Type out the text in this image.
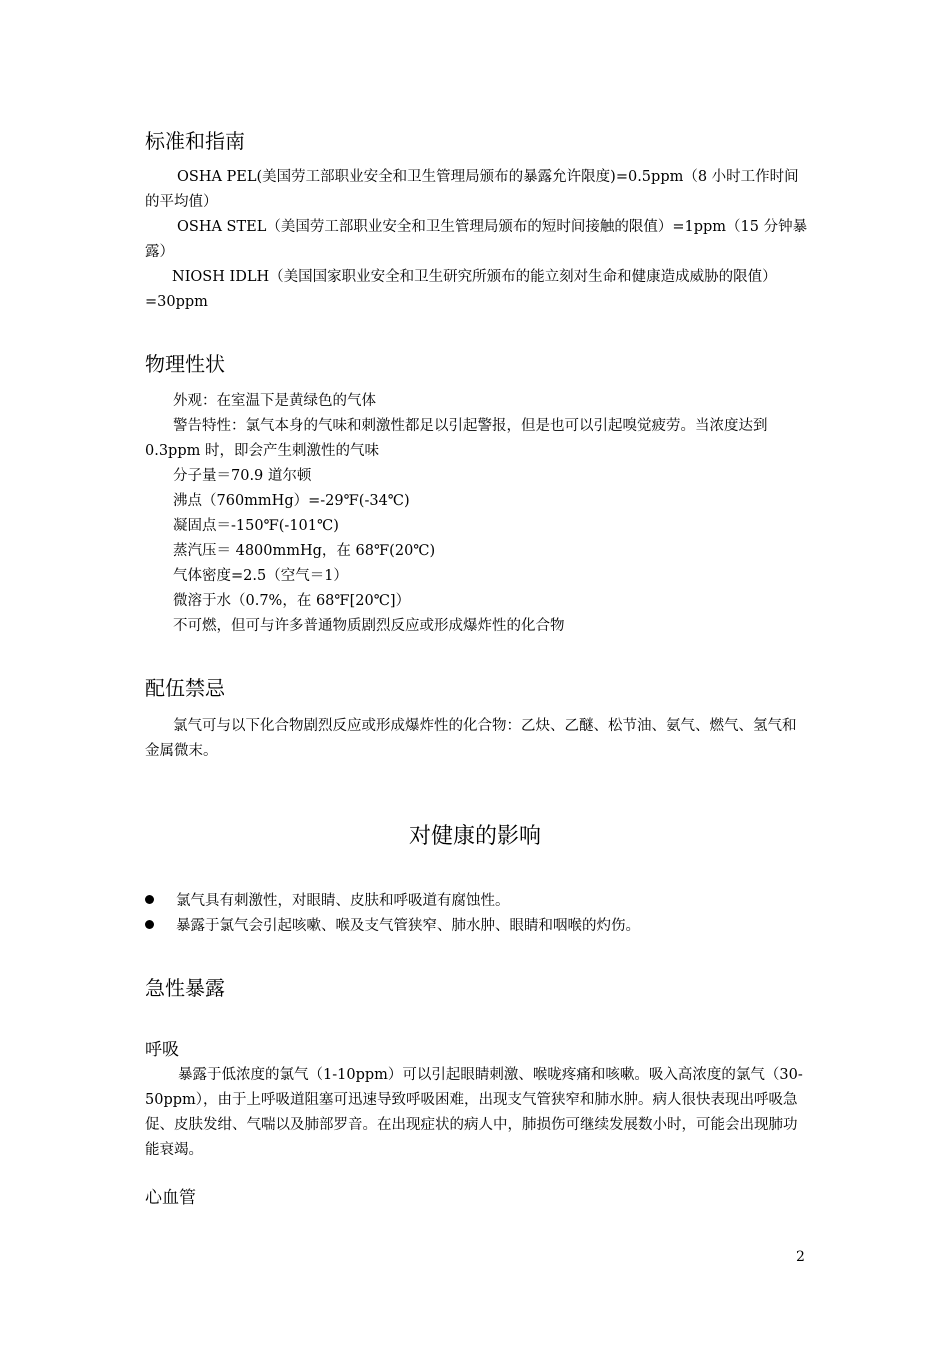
标准和指南
OSHA PEL(美国劳工部职业安全和卫生管理局颁布的暴露允许限度)=0.5ppm（8 小时工作时间的平均值）
OSHA STEL（美国劳工部职业安全和卫生管理局颁布的短时间接触的限值）=1ppm（15 分钟暴露）
NIOSH IDLH（美国国家职业安全和卫生研究所颁布的能立刻对生命和健康造成威胁的限值）=30ppm
物理性状
外观：在室温下是黄绿色的气体
警告特性：氯气本身的气味和刺激性都足以引起警报，但是也可以引起嗅觉疲劳。当浓度达到 0.3ppm 时，即会产生刺激性的气味
分子量＝70.9 道尔顿
沸点（760mmHg）=-29℉(-34℃)
凝固点＝-150℉(-101℃)
蒸汽压＝ 4800mmHg，在 68℉(20℃)
气体密度=2.5（空气＝1）
微溶于水（0.7%，在 68℉[20℃]）
不可燃，但可与许多普通物质剧烈反应或形成爆炸性的化合物
配伍禁忌
氯气可与以下化合物剧烈反应或形成爆炸性的化合物：乙炔、乙醚、松节油、氨气、燃气、氢气和金属微末。
对健康的影响
氯气具有刺激性，对眼睛、皮肤和呼吸道有腐蚀性。
暴露于氯气会引起咳嗽、喉及支气管狭窄、肺水肿、眼睛和咽喉的灼伤。
急性暴露
呼吸
暴露于低浓度的氯气（1-10ppm）可以引起眼睛刺激、喉咙疼痛和咳嗽。吸入高浓度的氯气（30-50ppm），由于上呼吸道阻塞可迅速导致呼吸困难，出现支气管狭窄和肺水肿。病人很快表现出呼吸急促、皮肤发绀、气喘以及肺部罗音。在出现症状的病人中，肺损伤可继续发展数小时，可能会出现肺功能衰竭。
心血管
2
